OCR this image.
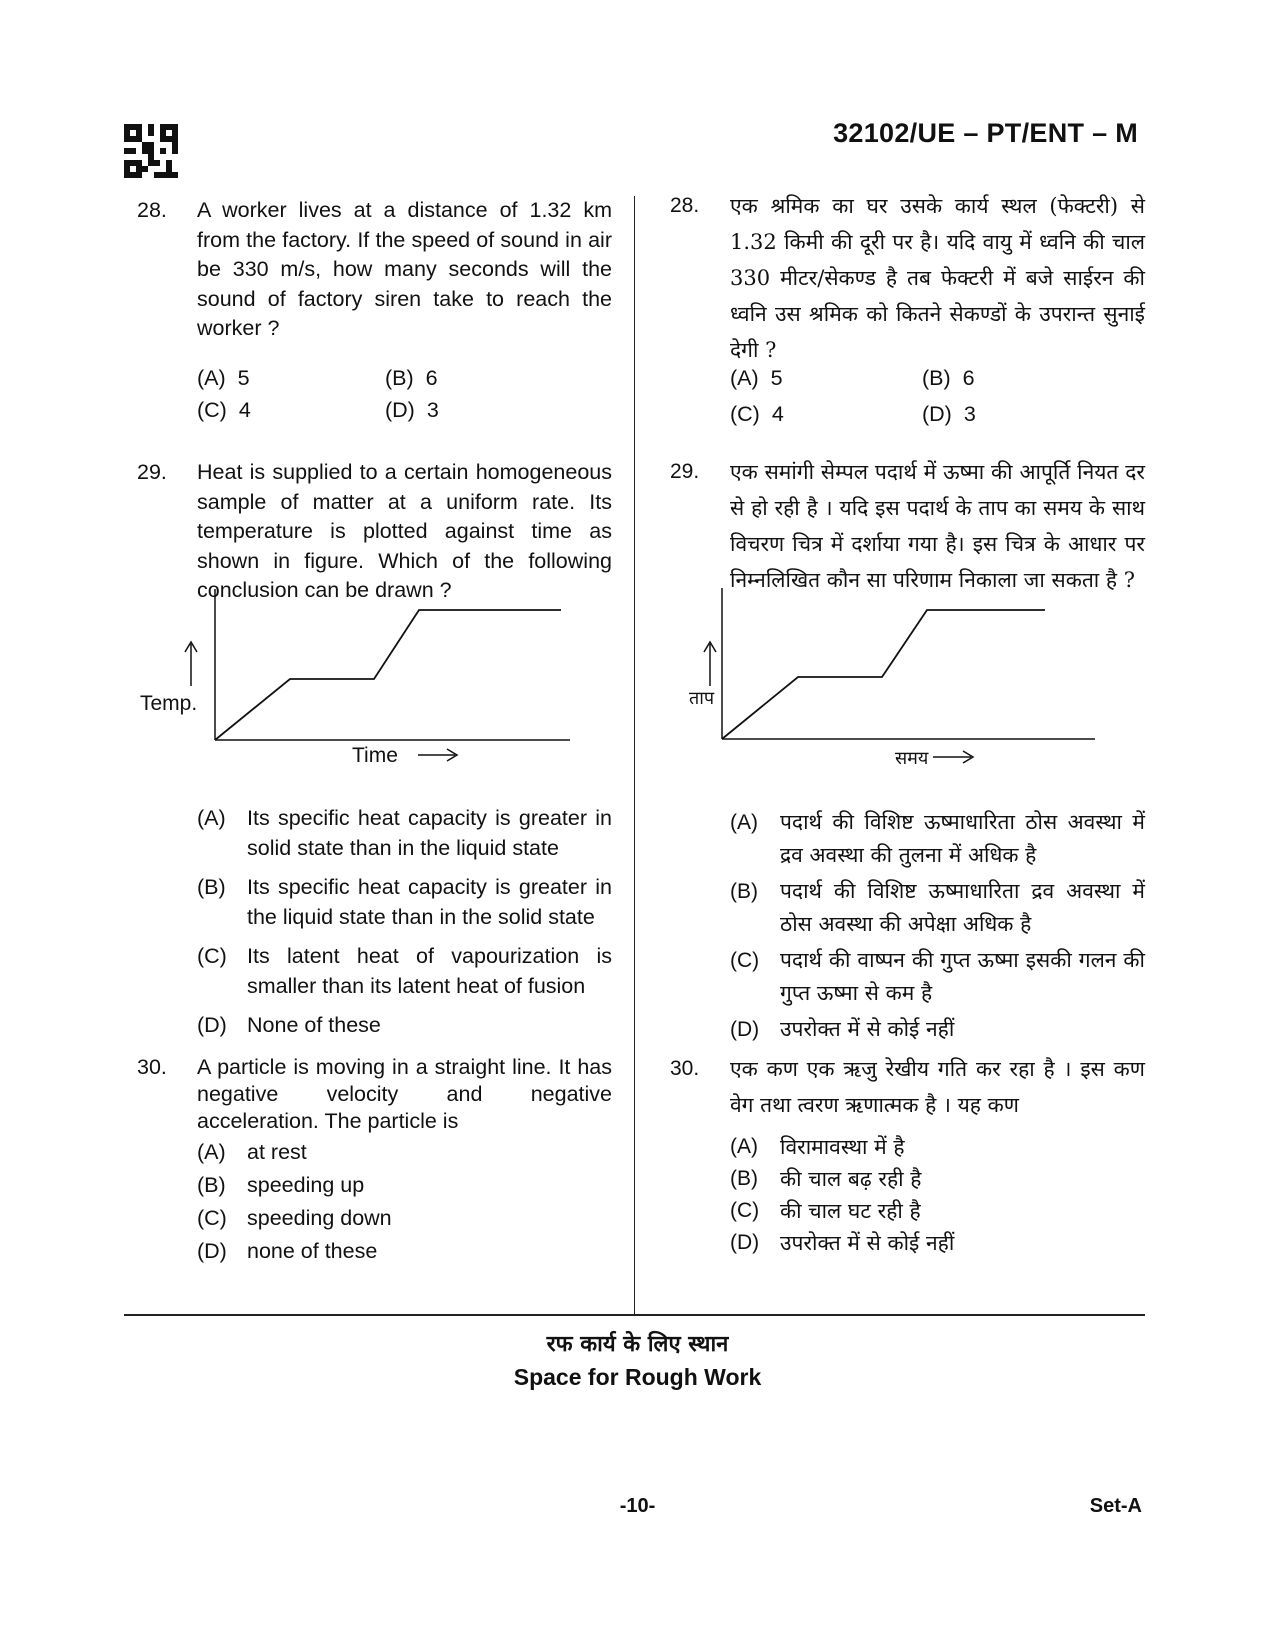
32102/UE – PT/ENT – M
28. A worker lives at a distance of 1.32 km from the factory. If the speed of sound in air be 330 m/s, how many seconds will the sound of factory siren take to reach the worker ?
(A) 5	(B) 6
(C) 4	(D) 3
29. Heat is supplied to a certain homogeneous sample of matter at a uniform rate. Its temperature is plotted against time as shown in figure. Which of the following conclusion can be drawn ?
Temp.
Time
(A) Its specific heat capacity is greater in solid state than in the liquid state
(B) Its specific heat capacity is greater in the liquid state than in the solid state
(C) Its latent heat of vapourization is smaller than its latent heat of fusion
(D) None of these
30. A particle is moving in a straight line. It has negative velocity and negative acceleration. The particle is
(A) at rest
(B) speeding up
(C) speeding down
(D) none of these
28. एक श्रमिक का घर उसके कार्य स्थल (फेक्टरी) से 1.32 किमी की दूरी पर है। यदि वायु में ध्वनि की चाल 330 मीटर/सेकण्ड है तब फेक्टरी में बजे साईरन की ध्वनि उस श्रमिक को कितने सेकण्डों के उपरान्त सुनाई देगी ?
(A) 5	(B) 6
(C) 4	(D) 3
29. एक समांगी सेम्पल पदार्थ में ऊष्मा की आपूर्ति नियत दर से हो रही है । यदि इस पदार्थ के ताप का समय के साथ विचरण चित्र में दर्शाया गया है। इस चित्र के आधार पर निम्नलिखित कौन सा परिणाम निकाला जा सकता है ?
ताप
समय
(A) पदार्थ की विशिष्ट ऊष्माधारिता ठोस अवस्था में द्रव अवस्था की तुलना में अधिक है
(B) पदार्थ की विशिष्ट ऊष्माधारिता द्रव अवस्था में ठोस अवस्था की अपेक्षा अधिक है
(C) पदार्थ की वाष्पन की गुप्त ऊष्मा इसकी गलन की गुप्त ऊष्मा से कम है
(D) उपरोक्त में से कोई नहीं
30. एक कण एक ऋजु रेखीय गति कर रहा है । इस कण वेग तथा त्वरण ऋणात्मक है । यह कण
(A) विरामावस्था में है
(B) की चाल बढ़ रही है
(C) की चाल घट रही है
(D) उपरोक्त में से कोई नहीं
रफ कार्य के लिए स्थान
Space for Rough Work
-10-	Set-A
